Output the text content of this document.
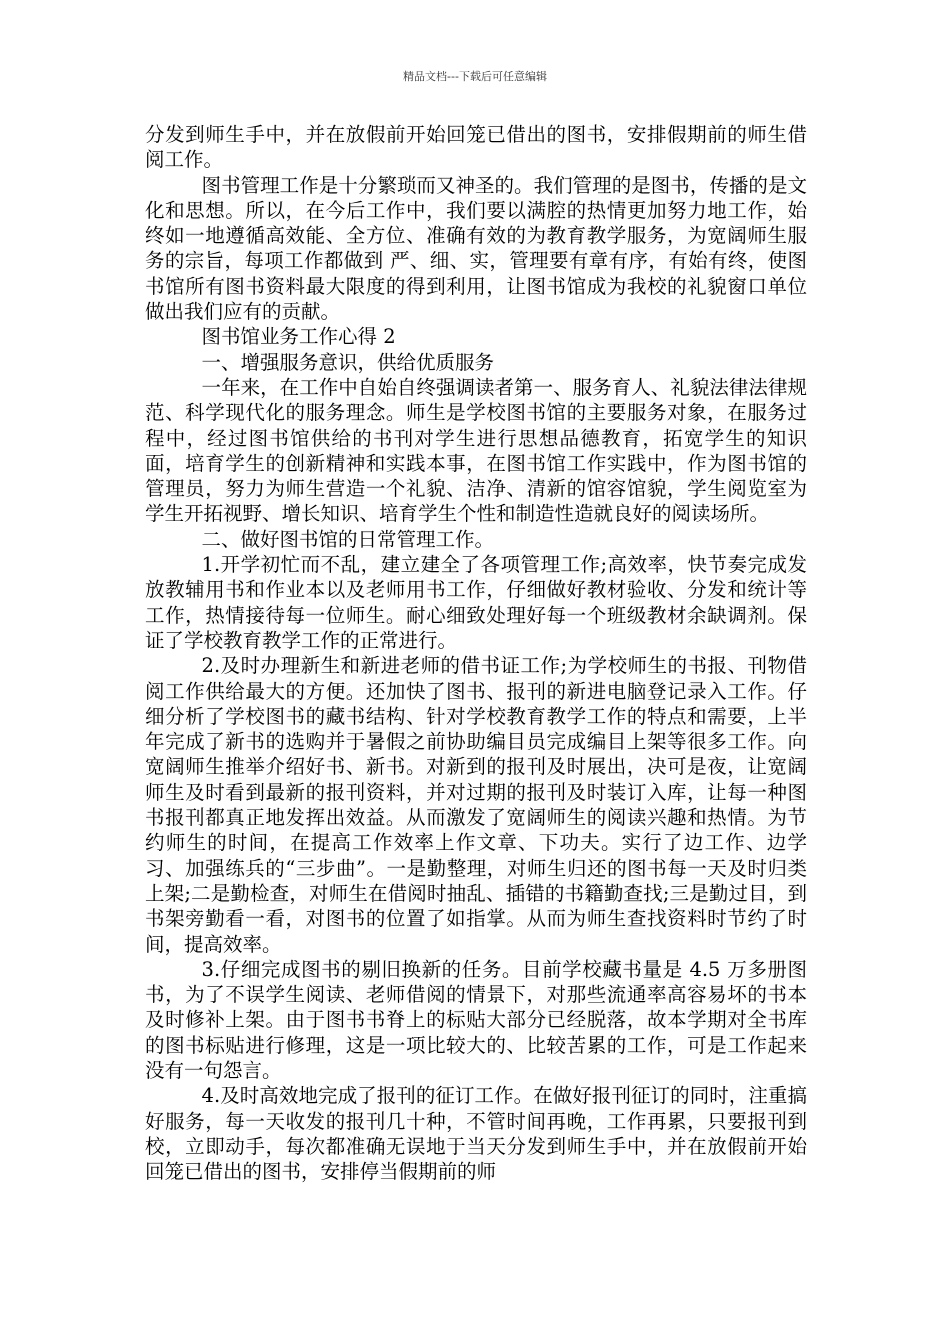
精品文档---下载后可任意编辑

分发到师生手中，并在放假前开始回笼已借出的图书，安排假期前的师生借阅工作。

图书管理工作是十分繁琐而又神圣的。我们管理的是图书，传播的是文化和思想。所以，在今后工作中，我们要以满腔的热情更加努力地工作，始终如一地遵循高效能、全方位、准确有效的为教育教学服务，为宽阔师生服务的宗旨，每项工作都做到 严、细、实，管理要有章有序，有始有终，使图书馆所有图书资料最大限度的得到利用，让图书馆成为我校的礼貌窗口单位做出我们应有的贡献。

图书馆业务工作心得 2

一、增强服务意识，供给优质服务

一年来，在工作中自始自终强调读者第一、服务育人、礼貌法律法律规范、科学现代化的服务理念。师生是学校图书馆的主要服务对象，在服务过程中，经过图书馆供给的书刊对学生进行思想品德教育，拓宽学生的知识面，培育学生的创新精神和实践本事，在图书馆工作实践中，作为图书馆的管理员，努力为师生营造一个礼貌、洁净、清新的馆容馆貌，学生阅览室为学生开拓视野、增长知识、培育学生个性和制造性造就良好的阅读场所。

二、做好图书馆的日常管理工作。

1.开学初忙而不乱，建立建全了各项管理工作;高效率，快节奏完成发放教辅用书和作业本以及老师用书工作，仔细做好教材验收、分发和统计等工作，热情接待每一位师生。耐心细致处理好每一个班级教材余缺调剂。保证了学校教育教学工作的正常进行。

2.及时办理新生和新进老师的借书证工作;为学校师生的书报、刊物借阅工作供给最大的方便。还加快了图书、报刊的新进电脑登记录入工作。仔细分析了学校图书的藏书结构、针对学校教育教学工作的特点和需要，上半年完成了新书的选购并于暑假之前协助编目员完成编目上架等很多工作。向宽阔师生推举介绍好书、新书。对新到的报刊及时展出，决可是夜，让宽阔师生及时看到最新的报刊资料，并对过期的报刊及时装订入库，让每一种图书报刊都真正地发挥出效益。从而激发了宽阔师生的阅读兴趣和热情。为节约师生的时间，在提高工作效率上作文章、下功夫。实行了边工作、边学习、加强练兵的“三步曲”。一是勤整理，对师生归还的图书每一天及时归类上架;二是勤检查，对师生在借阅时抽乱、插错的书籍勤查找;三是勤过目，到书架旁勤看一看，对图书的位置了如指掌。从而为师生查找资料时节约了时间，提高效率。

3.仔细完成图书的剔旧换新的任务。目前学校藏书量是 4.5 万多册图书，为了不误学生阅读、老师借阅的情景下，对那些流通率高容易坏的书本及时修补上架。由于图书书脊上的标贴大部分已经脱落，故本学期对全书库的图书标贴进行修理，这是一项比较大的、比较苦累的工作，可是工作起来没有一句怨言。

4.及时高效地完成了报刊的征订工作。在做好报刊征订的同时，注重搞好服务，每一天收发的报刊几十种，不管时间再晚，工作再累，只要报刊到校，立即动手，每次都准确无误地于当天分发到师生手中，并在放假前开始回笼已借出的图书，安排停当假期前的师
